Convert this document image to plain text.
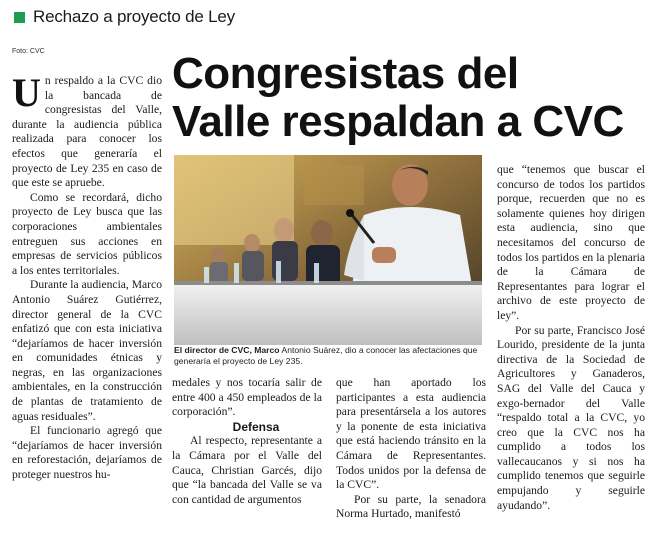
Rechazo a proyecto de Ley
Foto: CVC	Congresistas del
Valle respaldan a CVC

Un respaldo a la CVC dio la bancada de congresistas del Valle, durante la audiencia pública realizada para conocer los efectos que generaría el proyecto de Ley 235 en caso de que este se apruebe.

Como se recordará, dicho proyecto de Ley busca que las corporaciones ambientales entreguen sus acciones en empresas de servicios públicos a los entes territoriales.

Durante la audiencia, Marco Antonio Suárez Gutiérrez, director general de la CVC enfatizó que con esta iniciativa “dejaríamos de hacer inversión en comunidades étnicas y negras, en las organizaciones ambientales, en la construcción de plantas de tratamiento de aguas residuales”.

El funcionario agregó que “dejaríamos de hacer inversión en reforestación, dejaríamos de proteger nuestros hu-

El director de CVC, Marco Antonio Suárez, dio a conocer las afectaciones que generaría el proyecto de Ley 235.

medales y nos tocaría salir de entre 400 a 450 empleados de la corporación”.

Defensa

Al respecto, representante a la Cámara por el Valle del Cauca, Christian Garcés, dijo que “la bancada del Valle se va con cantidad de argumentos

que han aportado los participantes a esta audiencia para presentársela a los autores y la ponente de esta iniciativa que está haciendo tránsito en la Cámara de Representantes. Todos unidos por la defensa de la CVC”.

Por su parte, la senadora Norma Hurtado, manifestó

que “tenemos que buscar el concurso de todos los partidos porque, recuerden que no es solamente quienes hoy dirigen esta audiencia, sino que necesitamos del concurso de todos los partidos en la plenaria de la Cámara de Representantes para lograr el archivo de este proyecto de ley”.

Por su parte, Francisco José Lourido, presidente de la junta directiva de la Sociedad de Agricultores y Ganaderos, SAG del Valle del Cauca y exgo-bernador del Valle “respaldo total a la CVC, yo creo que la CVC nos ha cumplido a todos los vallecaucanos y si nos ha cumplido tenemos que seguirle empujando y seguirle ayudando”.
